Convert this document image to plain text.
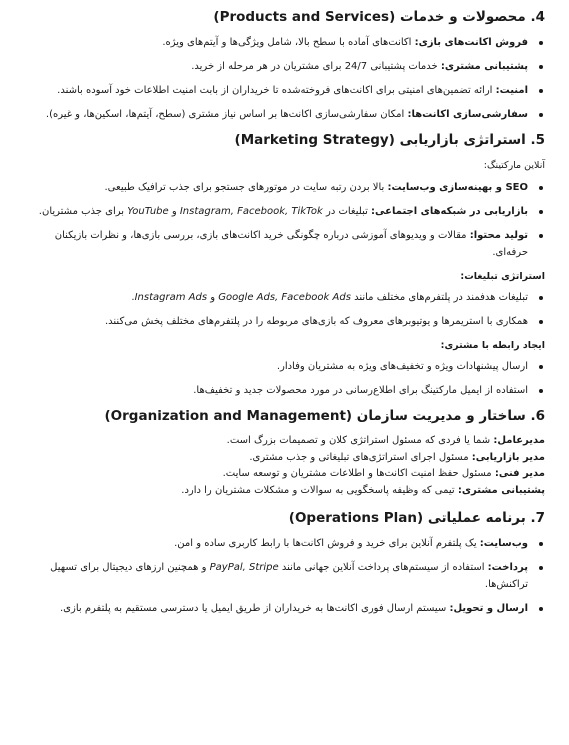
4. محصولات و خدمات (Products and Services)
فروش اکانت‌های بازی: اکانت‌های آماده با سطح بالا، شامل ویژگی‌ها و آیتم‌های ویژه.
پشتیبانی مشتری: خدمات پشتیبانی 24/7 برای مشتریان در هر مرحله از خرید.
امنیت: ارائه تضمین‌های امنیتی برای اکانت‌های فروخته‌شده تا خریداران از بابت امنیت اطلاعات خود آسوده باشند.
سفارشی‌سازی اکانت‌ها: امکان سفارشی‌سازی اکانت‌ها بر اساس نیاز مشتری (سطح، آیتم‌ها، اسکین‌ها، و غیره).
5. استراتژی بازاریابی (Marketing Strategy)

آنلاین مارکتینگ:

SEO و بهینه‌سازی وب‌سایت: بالا بردن رتبه سایت در موتورهای جستجو برای جذب ترافیک طبیعی.
بازاریابی در شبکه‌های اجتماعی: تبلیغات در Instagram, Facebook, TikTok و YouTube برای جذب مشتریان.
تولید محتوا: مقالات و ویدیوهای آموزشی درباره چگونگی خرید اکانت‌های بازی، بررسی بازی‌ها، و نظرات بازیکنان حرفه‌ای.
استراتژی تبلیغات:
تبلیغات هدفمند در پلتفرم‌های مختلف مانند Google Ads, Facebook Ads و Instagram Ads.
همکاری با استریمرها و یوتیوبرهای معروف که بازی‌های مربوطه را در پلتفرم‌های مختلف پخش می‌کنند.
ایجاد رابطه با مشتری:
ارسال پیشنهادات ویژه و تخفیف‌های ویژه به مشتریان وفادار.
استفاده از ایمیل مارکتینگ برای اطلاع‌رسانی در مورد محصولات جدید و تخفیف‌ها.
6. ساختار و مدیریت سازمان (Organization and Management)

مدیرعامل: شما یا فردی که مسئول استراتژی کلان و تصمیمات بزرگ است.

مدیر بازاریابی: مسئول اجرای استراتژی‌های تبلیغاتی و جذب مشتری.

مدیر فنی: مسئول حفظ امنیت اکانت‌ها و اطلاعات مشتریان و توسعه سایت.

پشتیبانی مشتری: تیمی که وظیفه پاسخگویی به سوالات و مشکلات مشتریان را دارد.

7. برنامه عملیاتی (Operations Plan)
وب‌سایت: یک پلتفرم آنلاین برای خرید و فروش اکانت‌ها با رابط کاربری ساده و امن.
پرداخت: استفاده از سیستم‌های پرداخت آنلاین جهانی مانند PayPal, Stripe و همچنین ارزهای دیجیتال برای تسهیل تراکنش‌ها.
ارسال و تحویل: سیستم ارسال فوری اکانت‌ها به خریداران از طریق ایمیل یا دسترسی مستقیم به پلتفرم بازی.
